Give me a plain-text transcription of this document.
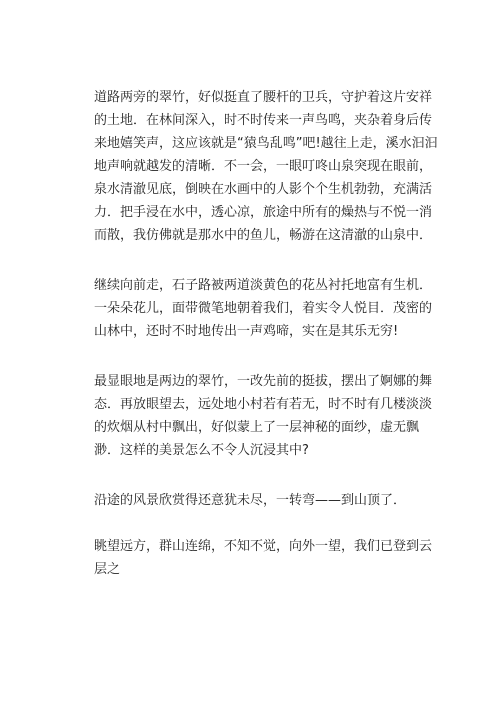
道路两旁的翠竹，好似挺直了腰杆的卫兵，守护着这片安祥的土地．在林间深入，时不时传来一声鸟鸣，夹杂着身后传来地嬉笑声，这应该就是“猿鸟乱鸣”吧!越往上走，溪水汩汩地声响就越发的清晰．不一会，一眼叮咚山泉突现在眼前，泉水清澈见底，倒映在水画中的人影个个生机勃勃，充满活力．把手浸在水中，透心凉，旅途中所有的燥热与不悦一消而散，我仿佛就是那水中的鱼儿，畅游在这清澈的山泉中．

继续向前走，石子路被两道淡黄色的花丛衬托地富有生机．一朵朵花儿，面带微笔地朝着我们，着实令人悦目．茂密的山林中，还时不时地传出一声鸡啼，实在是其乐无穷!

最显眼地是两边的翠竹，一改先前的挺拔，摆出了婀娜的舞态．再放眼望去，远处地小村若有若无，时不时有几楼淡淡的炊烟从村中飘出，好似蒙上了一层神秘的面纱，虚无飘渺．这样的美景怎么不令人沉浸其中?

沿途的风景欣赏得还意犹未尽，一转弯——到山顶了．

眺望远方，群山连绵，不知不觉，向外一望，我们已登到云层之
